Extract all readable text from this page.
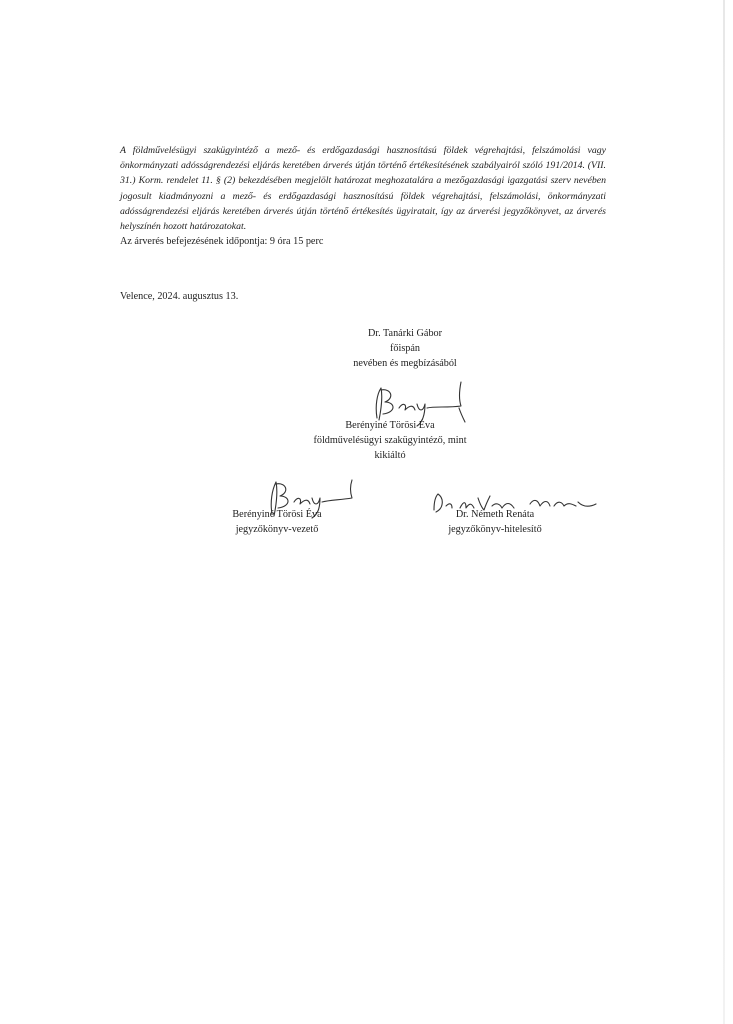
A földművelésügyi szakügyintéző a mező- és erdőgazdasági hasznosítású földek végrehajtási, felszámolási vagy önkormányzati adósságrendezési eljárás keretében árverés útján történő értékesítésének szabályairól szóló 191/2014. (VII. 31.) Korm. rendelet 11. § (2) bekezdésében megjelölt határozat meghozatalára a mezőgazdasági igazgatási szerv nevében jogosult kiadmányozni a mező- és erdőgazdasági hasznosítású földek végrehajtási, felszámolási, önkormányzati adósságrendezési eljárás keretében árverés útján történő értékesítés ügyiratait, így az árverési jegyzőkönyvet, az árverés helyszínén hozott határozatokat.

Az árverés befejezésének időpontja: 9 óra 15 perc

Velence, 2024. augusztus 13.

Dr. Tanárki Gábor
főispán
nevében és megbízásából
Berényiné Törösi Éva
földművelésügyi szakügyintéző, mint
kikiáltó
Berényiné Törösi Éva
jegyzőkönyv-vezető
Dr. Németh Renáta
jegyzőkönyv-hitelesítő
